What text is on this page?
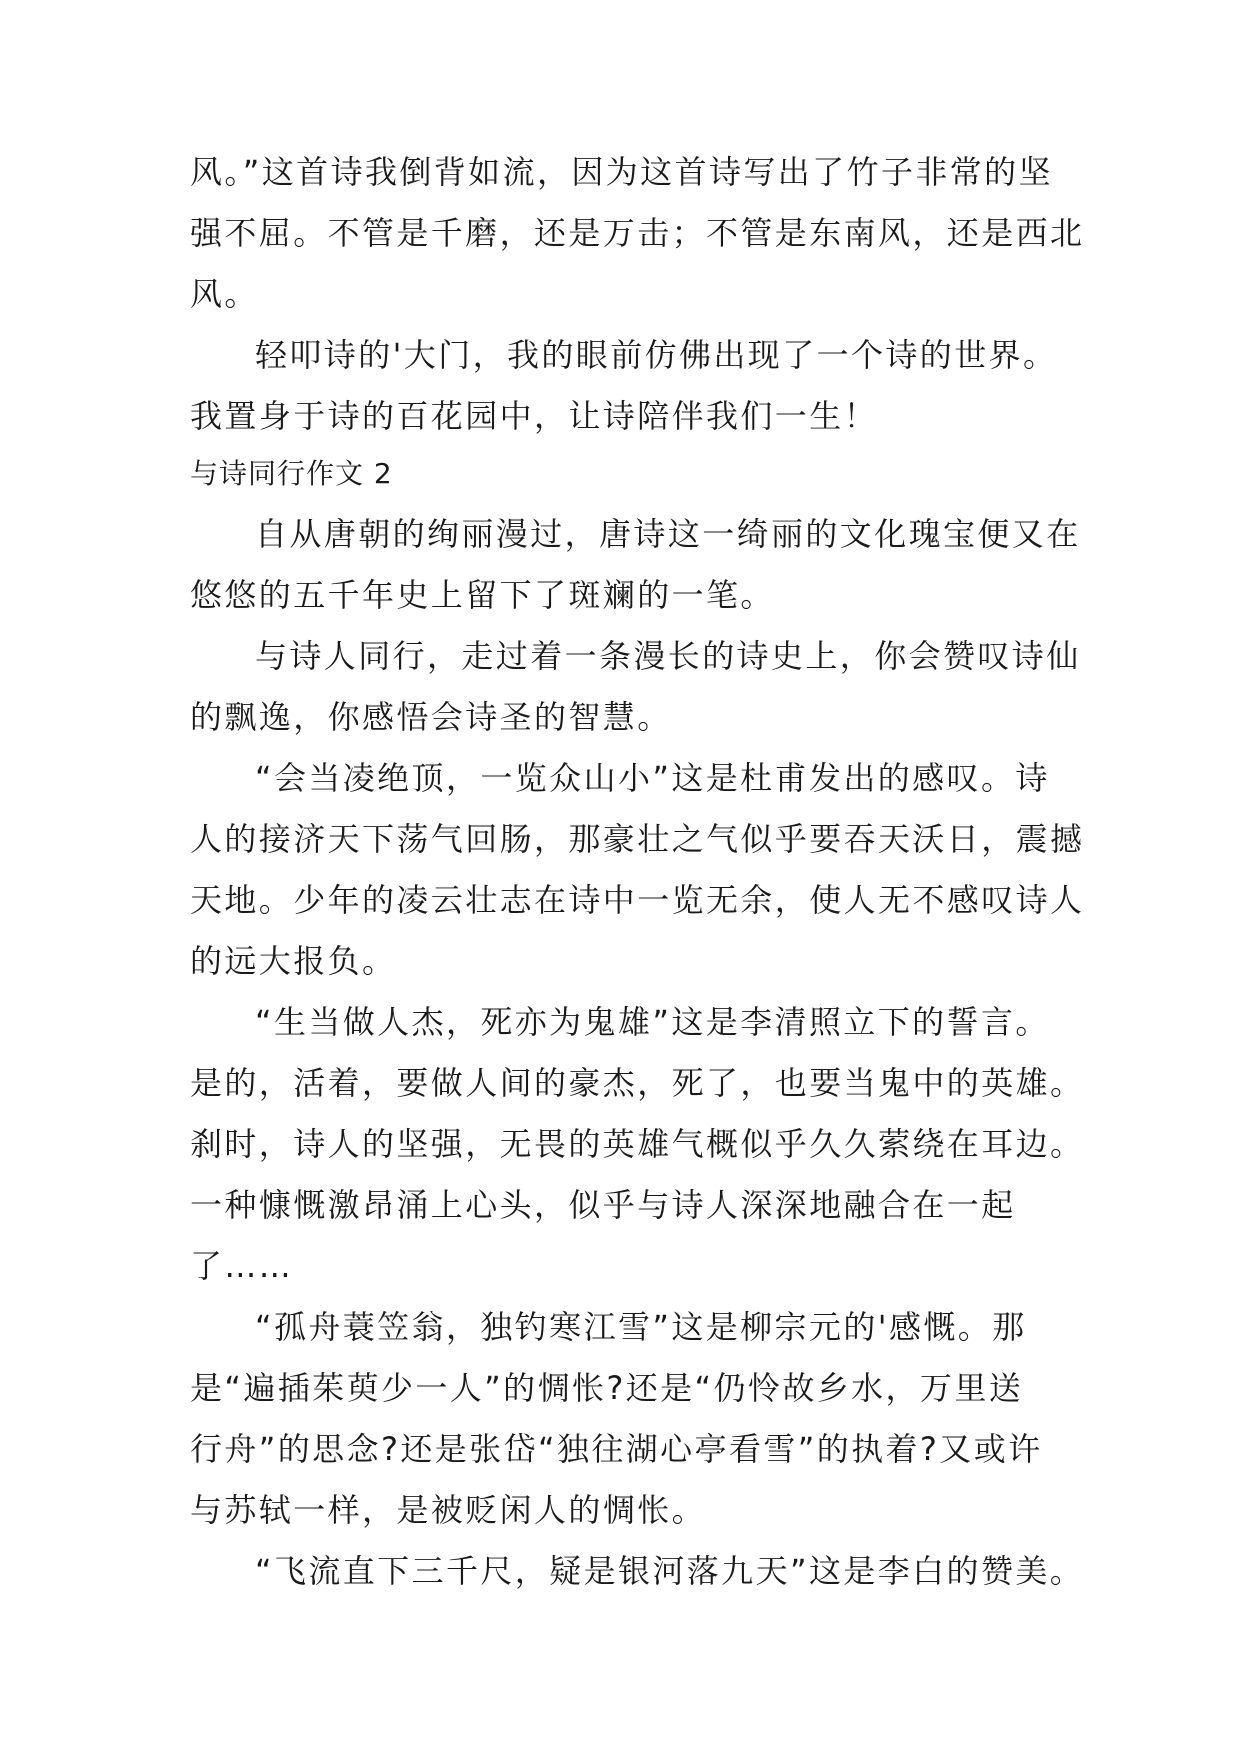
风。”这首诗我倒背如流，因为这首诗写出了竹子非常的坚

强不屈。不管是千磨，还是万击；不管是东南风，还是西北

风。

轻叩诗的'大门，我的眼前仿佛出现了一个诗的世界。

我置身于诗的百花园中，让诗陪伴我们一生！

与诗同行作文 2

自从唐朝的绚丽漫过，唐诗这一绮丽的文化瑰宝便又在

悠悠的五千年史上留下了斑斓的一笔。

与诗人同行，走过着一条漫长的诗史上，你会赞叹诗仙

的飘逸，你感悟会诗圣的智慧。

“会当凌绝顶，一览众山小”这是杜甫发出的感叹。诗

人的接济天下荡气回肠，那豪壮之气似乎要吞天沃日，震撼

天地。少年的凌云壮志在诗中一览无余，使人无不感叹诗人

的远大报负。

“生当做人杰，死亦为鬼雄”这是李清照立下的誓言。

是的，活着，要做人间的豪杰，死了，也要当鬼中的英雄。

刹时，诗人的坚强，无畏的英雄气概似乎久久萦绕在耳边。

一种慷慨激昂涌上心头，似乎与诗人深深地融合在一起

了……

“孤舟蓑笠翁，独钓寒江雪”这是柳宗元的'感慨。那

是“遍插茱萸少一人”的惆怅?还是“仍怜故乡水，万里送

行舟”的思念?还是张岱“独往湖心亭看雪”的执着?又或许

与苏轼一样，是被贬闲人的惆怅。

“飞流直下三千尺，疑是银河落九天”这是李白的赞美。
